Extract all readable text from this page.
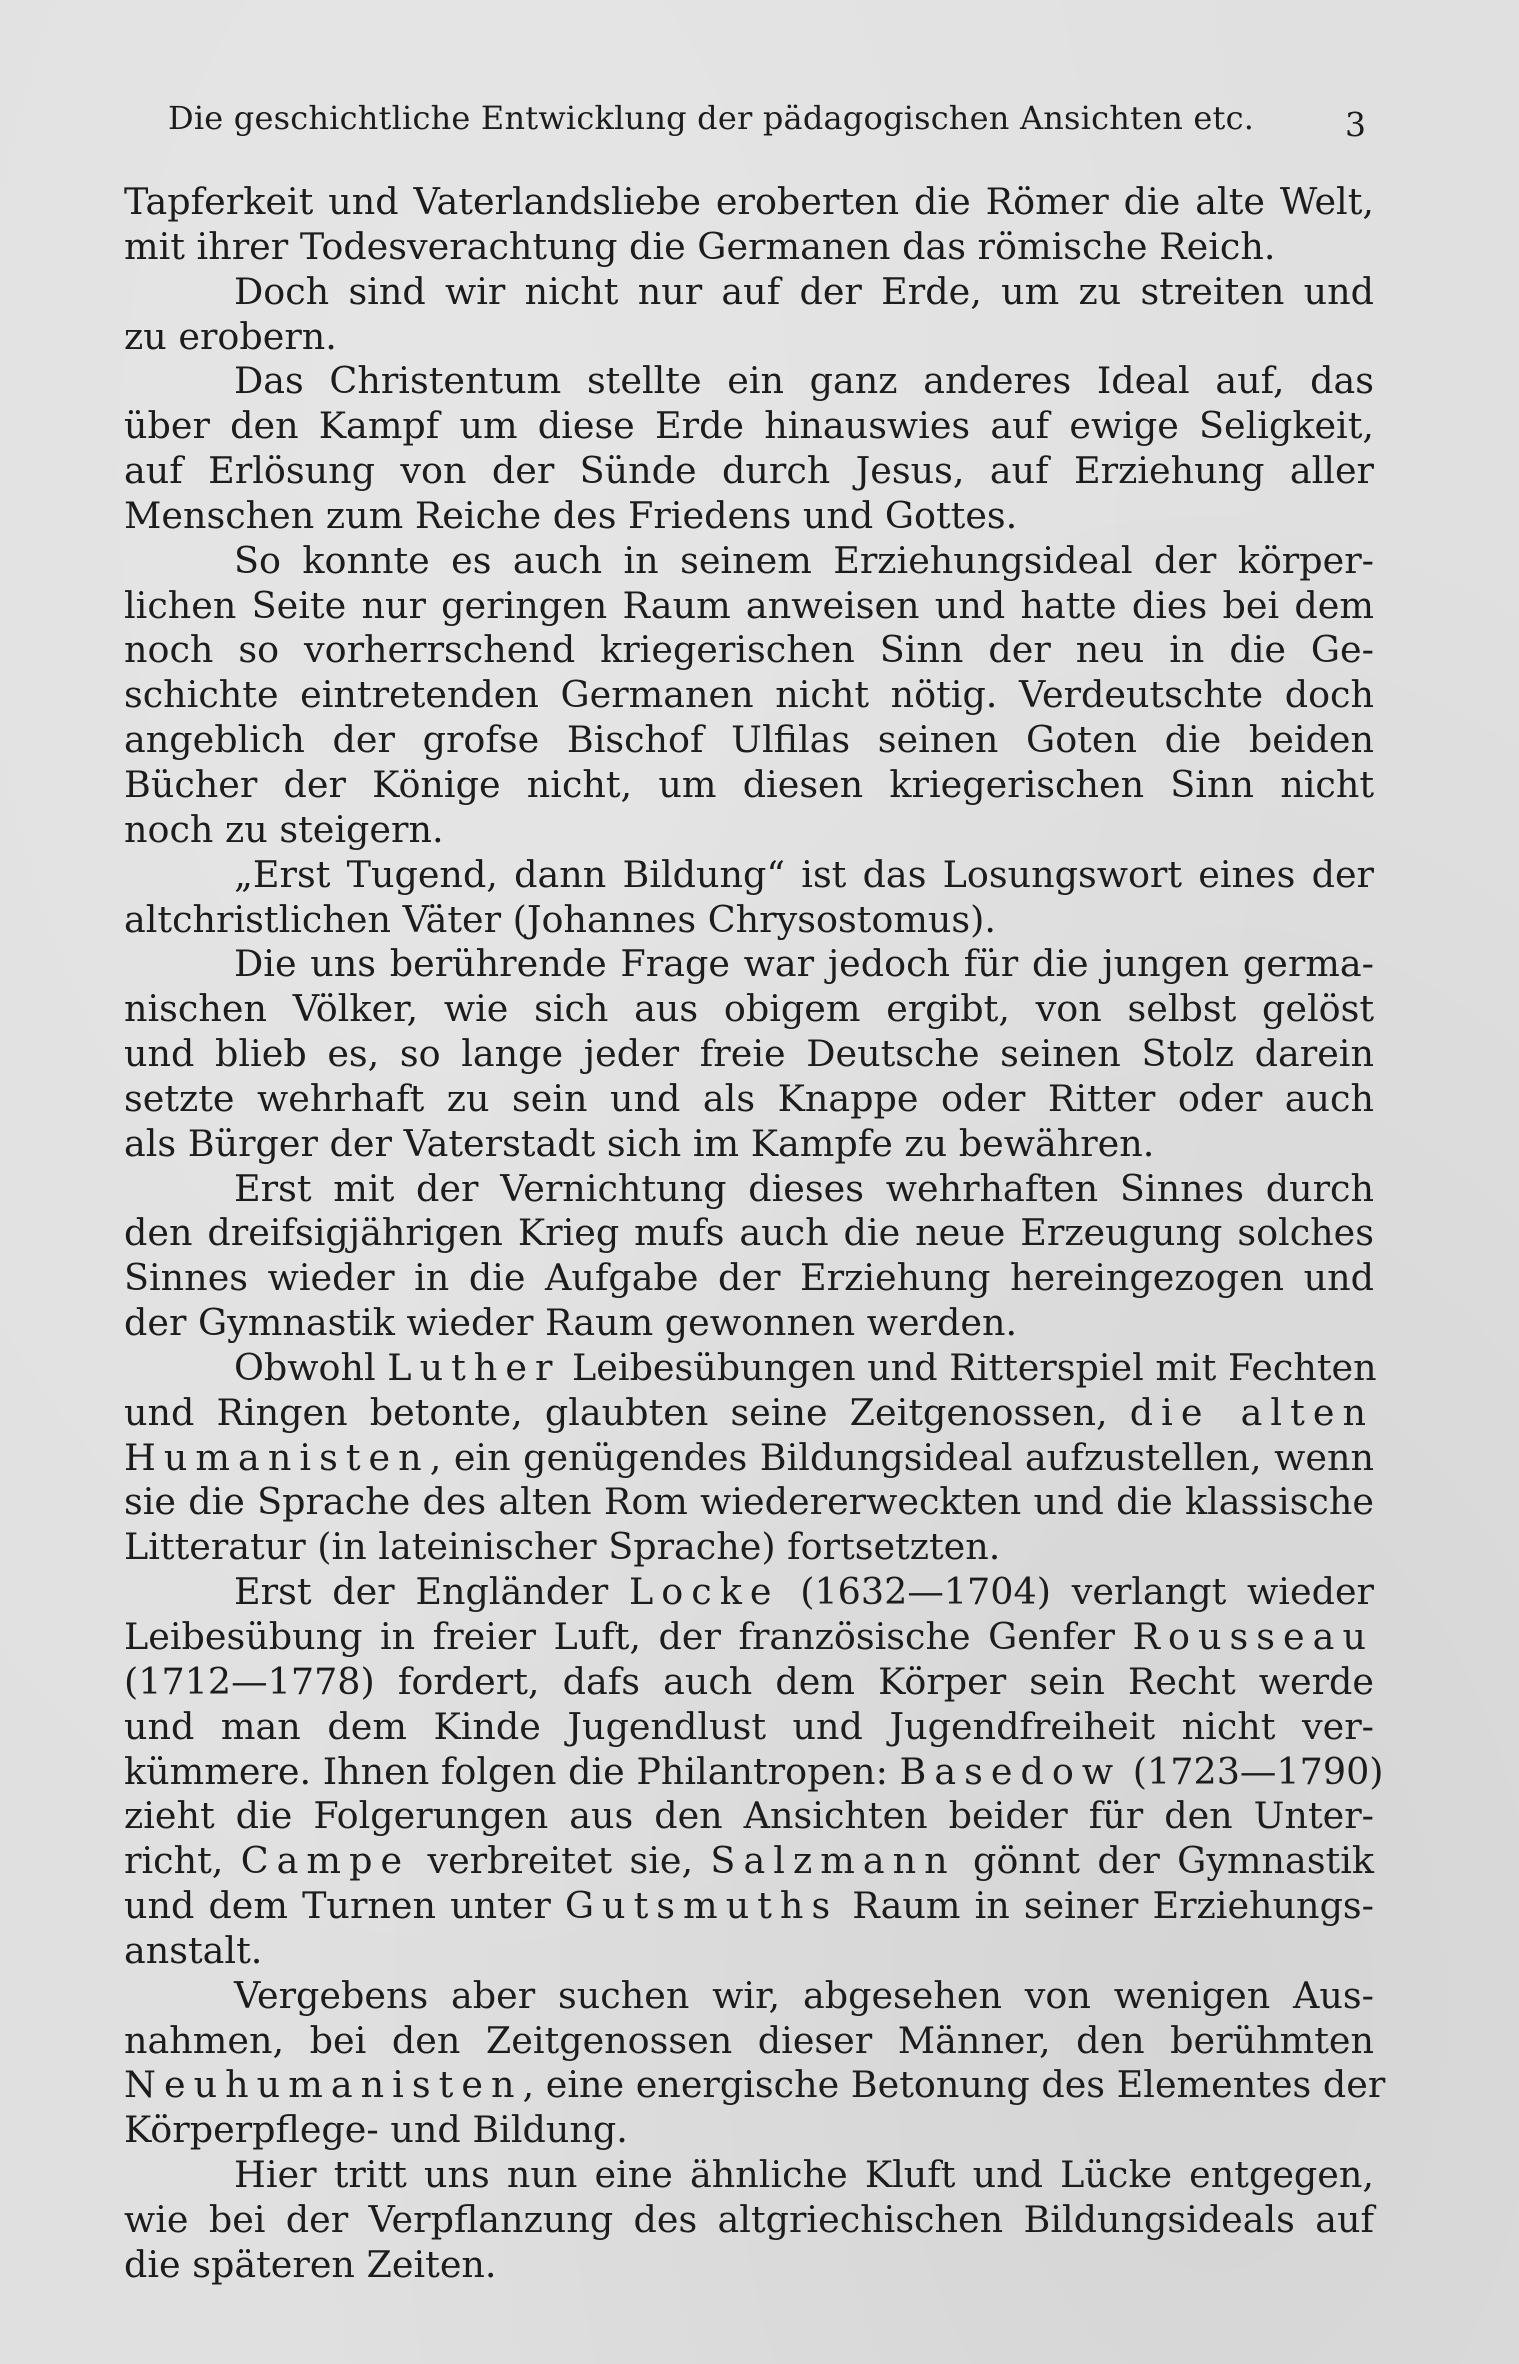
Die geschichtliche Entwicklung der pädagogischen Ansichten etc.	3
Tapferkeit und Vaterlandsliebe eroberten die Römer die alte Welt,
mit ihrer Todesverachtung die Germanen das römische Reich.
Doch sind wir nicht nur auf der Erde, um zu streiten und
zu erobern.
Das Christentum stellte ein ganz anderes Ideal auf, das
über den Kampf um diese Erde hinauswies auf ewige Seligkeit,
auf Erlösung von der Sünde durch Jesus, auf Erziehung aller
Menschen zum Reiche des Friedens und Gottes.
So konnte es auch in seinem Erziehungsideal der körper-
lichen Seite nur geringen Raum anweisen und hatte dies bei dem
noch so vorherrschend kriegerischen Sinn der neu in die Ge-
schichte eintretenden Germanen nicht nötig. Verdeutschte doch
angeblich der grofse Bischof Ulfilas seinen Goten die beiden
Bücher der Könige nicht, um diesen kriegerischen Sinn nicht
noch zu steigern.
„Erst Tugend, dann Bildung“ ist das Losungswort eines der
altchristlichen Väter (Johannes Chrysostomus).
Die uns berührende Frage war jedoch für die jungen germa-
nischen Völker, wie sich aus obigem ergibt, von selbst gelöst
und blieb es, so lange jeder freie Deutsche seinen Stolz darein
setzte wehrhaft zu sein und als Knappe oder Ritter oder auch
als Bürger der Vaterstadt sich im Kampfe zu bewähren.
Erst mit der Vernichtung dieses wehrhaften Sinnes durch
den dreifsigjährigen Krieg mufs auch die neue Erzeugung solches
Sinnes wieder in die Aufgabe der Erziehung hereingezogen und
der Gymnastik wieder Raum gewonnen werden.
Obwohl Luther Leibesübungen und Ritterspiel mit Fechten
und Ringen betonte, glaubten seine Zeitgenossen, die alten
Humanisten, ein genügendes Bildungsideal aufzustellen, wenn
sie die Sprache des alten Rom wiedererweckten und die klassische
Litteratur (in lateinischer Sprache) fortsetzten.
Erst der Engländer Locke (1632—1704) verlangt wieder
Leibesübung in freier Luft, der französische Genfer Rousseau
(1712—1778) fordert, dafs auch dem Körper sein Recht werde
und man dem Kinde Jugendlust und Jugendfreiheit nicht ver-
kümmere. Ihnen folgen die Philantropen: Basedow (1723—1790)
zieht die Folgerungen aus den Ansichten beider für den Unter-
richt, Campe verbreitet sie, Salzmann gönnt der Gymnastik
und dem Turnen unter Gutsmuths Raum in seiner Erziehungs-
anstalt.
Vergebens aber suchen wir, abgesehen von wenigen Aus-
nahmen, bei den Zeitgenossen dieser Männer, den berühmten
Neuhumanisten, eine energische Betonung des Elementes der
Körperpflege- und Bildung.
Hier tritt uns nun eine ähnliche Kluft und Lücke entgegen,
wie bei der Verpflanzung des altgriechischen Bildungsideals auf
die späteren Zeiten.
